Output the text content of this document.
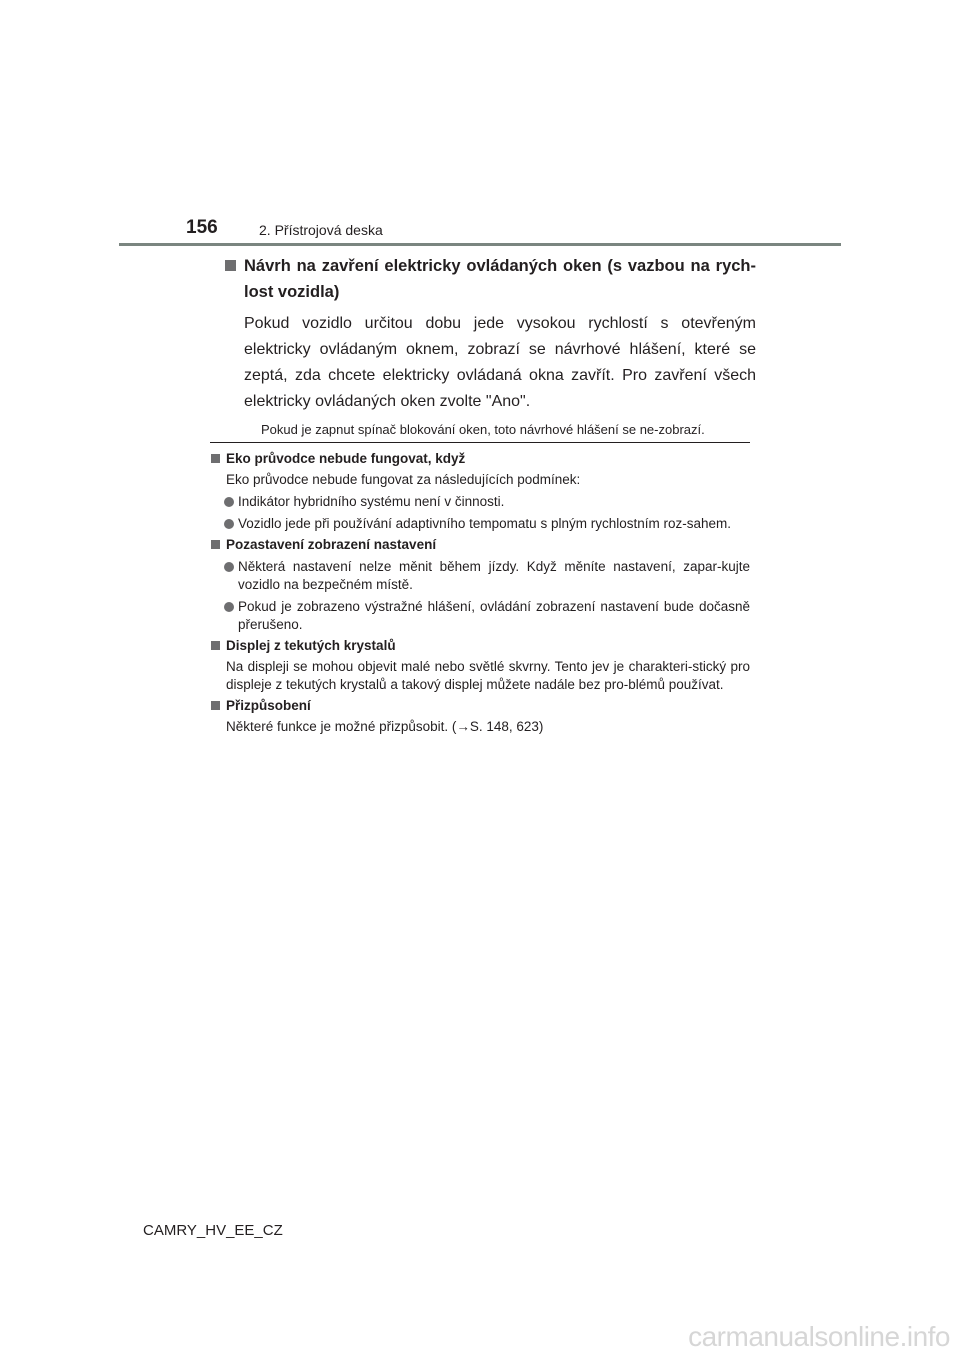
156	2. Přístrojová deska
Návrh na zavření elektricky ovládaných oken (s vazbou na rych-lost vozidla)
Pokud vozidlo určitou dobu jede vysokou rychlostí s otevřeným elektricky ovládaným oknem, zobrazí se návrhové hlášení, které se zeptá, zda chcete elektricky ovládaná okna zavřít. Pro zavření všech elektricky ovládaných oken zvolte "Ano".
Pokud je zapnut spínač blokování oken, toto návrhové hlášení se ne-zobrazí.
Eko průvodce nebude fungovat, když
Eko průvodce nebude fungovat za následujících podmínek:
Indikátor hybridního systému není v činnosti.
Vozidlo jede při používání adaptivního tempomatu s plným rychlostním roz-sahem.
Pozastavení zobrazení nastavení
Některá nastavení nelze měnit během jízdy. Když měníte nastavení, zapar-kujte vozidlo na bezpečném místě.
Pokud je zobrazeno výstražné hlášení, ovládání zobrazení nastavení bude dočasně přerušeno.
Displej z tekutých krystalů
Na displeji se mohou objevit malé nebo světlé skvrny. Tento jev je charakteri-stický pro displeje z tekutých krystalů a takový displej můžete nadále bez pro-blémů používat.
Přizpůsobení
Některé funkce je možné přizpůsobit. (→S. 148, 623)
CAMRY_HV_EE_CZ
carmanualsonline.info
